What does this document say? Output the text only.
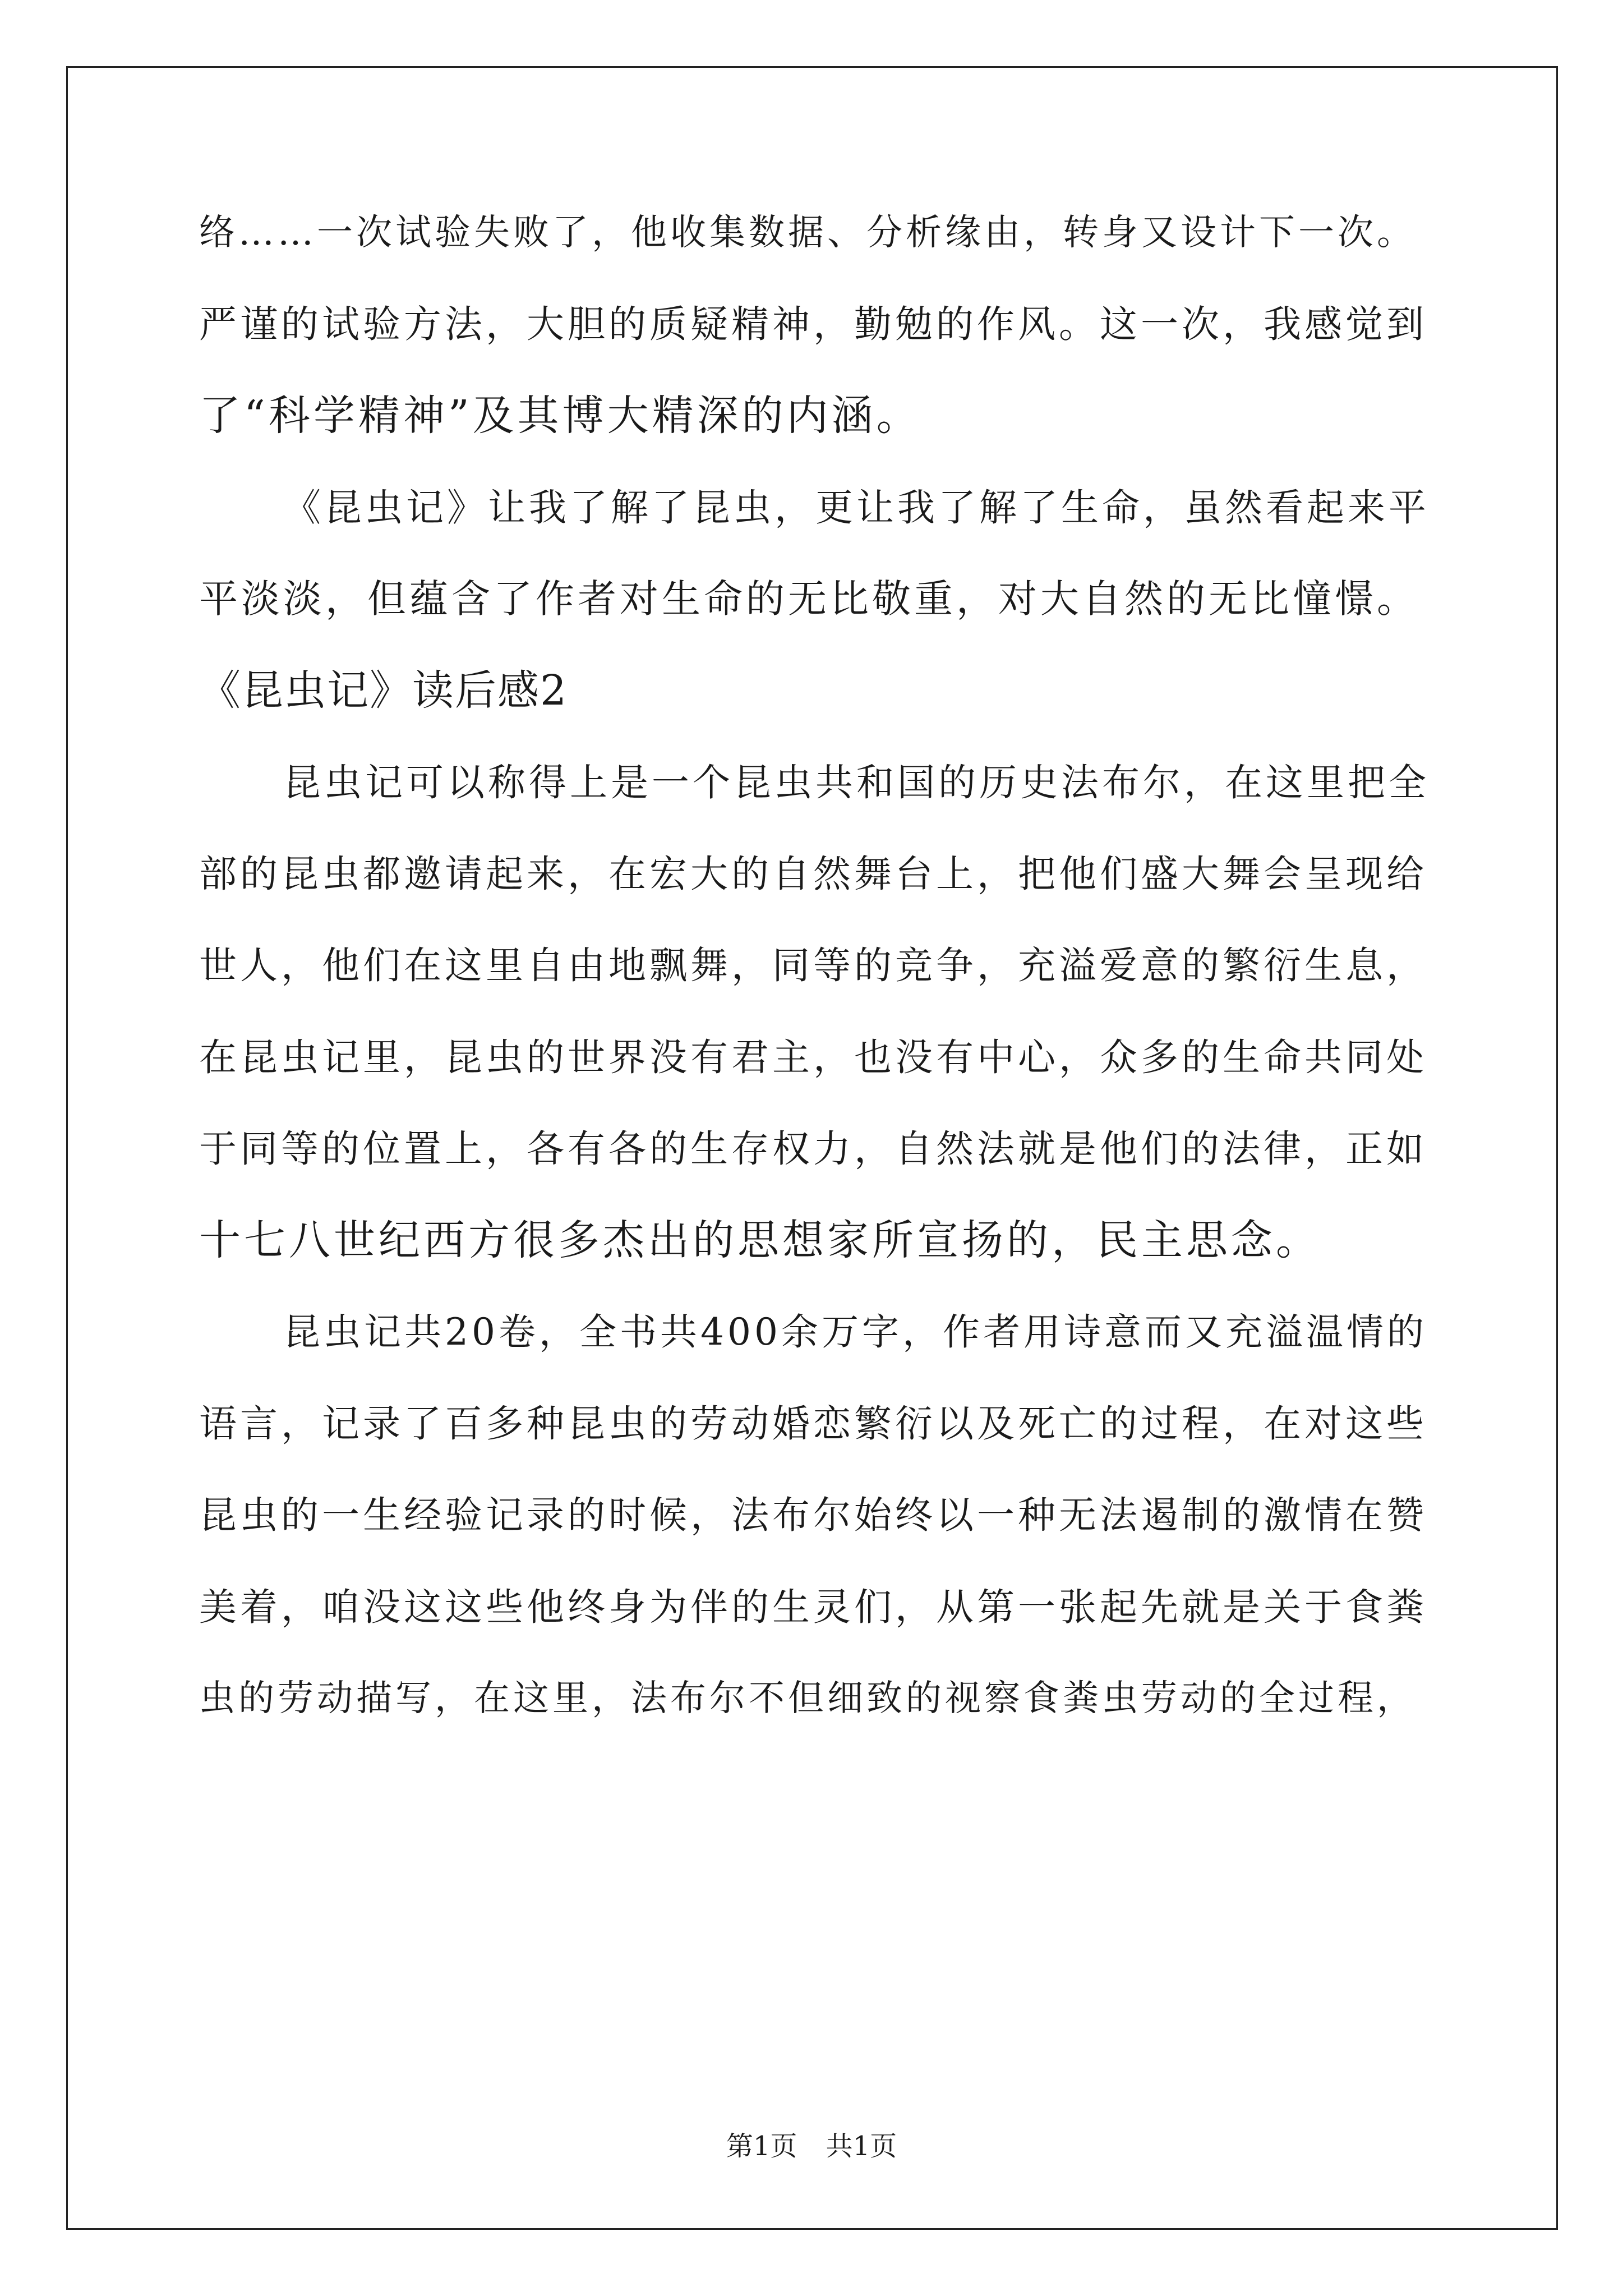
络……一次试验失败了，他收集数据、分析缘由，转身又设计下一次。
严谨的试验方法，大胆的质疑精神，勤勉的作风。这一次，我感觉到
了“科学精神”及其博大精深的内涵。
《昆虫记》让我了解了昆虫，更让我了解了生命，虽然看起来平
平淡淡，但蕴含了作者对生命的无比敬重，对大自然的无比憧憬。
《昆虫记》读后感2
昆虫记可以称得上是一个昆虫共和国的历史法布尔，在这里把全
部的昆虫都邀请起来，在宏大的自然舞台上，把他们盛大舞会呈现给
世人，他们在这里自由地飘舞，同等的竞争，充溢爱意的繁衍生息，
在昆虫记里，昆虫的世界没有君主，也没有中心，众多的生命共同处
于同等的位置上，各有各的生存权力，自然法就是他们的法律，正如
十七八世纪西方很多杰出的思想家所宣扬的，民主思念。
昆虫记共20卷，全书共400余万字，作者用诗意而又充溢温情的
语言，记录了百多种昆虫的劳动婚恋繁衍以及死亡的过程，在对这些
昆虫的一生经验记录的时候，法布尔始终以一种无法遏制的激情在赞
美着，咱没这这些他终身为伴的生灵们，从第一张起先就是关于食粪
虫的劳动描写，在这里，法布尔不但细致的视察食粪虫劳动的全过程，
第1页 共1页
